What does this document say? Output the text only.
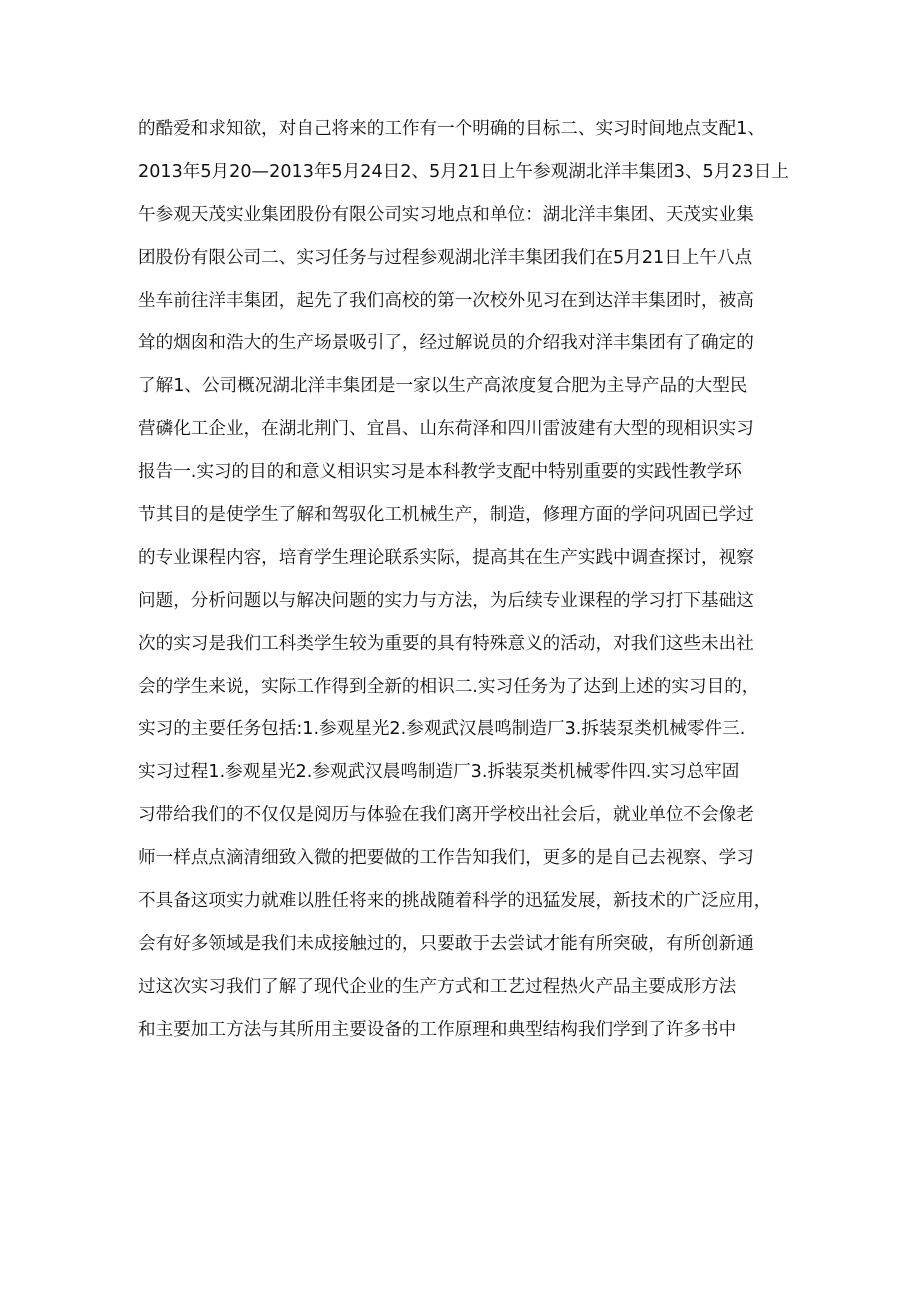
的酷爱和求知欲，对自己将来的工作有一个明确的目标二、实习时间地点支配1、
2013年5月20—2013年5月24日2、5月21日上午参观湖北洋丰集团3、5月23日上
午参观天茂实业集团股份有限公司实习地点和单位：湖北洋丰集团、天茂实业集
团股份有限公司二、实习任务与过程参观湖北洋丰集团我们在5月21日上午八点
坐车前往洋丰集团，起先了我们高校的第一次校外见习在到达洋丰集团时，被高
耸的烟囱和浩大的生产场景吸引了，经过解说员的介绍我对洋丰集团有了确定的
了解1、公司概况湖北洋丰集团是一家以生产高浓度复合肥为主导产品的大型民
营磷化工企业，在湖北荆门、宜昌、山东荷泽和四川雷波建有大型的现相识实习
报告一.实习的目的和意义相识实习是本科教学支配中特别重要的实践性教学环
节其目的是使学生了解和驾驭化工机械生产，制造，修理方面的学问巩固已学过
的专业课程内容，培育学生理论联系实际，提高其在生产实践中调查探讨，视察
问题，分析问题以与解决问题的实力与方法，为后续专业课程的学习打下基础这
次的实习是我们工科类学生较为重要的具有特殊意义的活动，对我们这些未出社
会的学生来说，实际工作得到全新的相识二.实习任务为了达到上述的实习目的，
实习的主要任务包括:1.参观星光2.参观武汉晨鸣制造厂3.拆装泵类机械零件三.
实习过程1.参观星光2.参观武汉晨鸣制造厂3.拆装泵类机械零件四.实习总牢固
习带给我们的不仅仅是阅历与体验在我们离开学校出社会后，就业单位不会像老
师一样点点滴清细致入微的把要做的工作告知我们，更多的是自己去视察、学习
不具备这项实力就难以胜任将来的挑战随着科学的迅猛发展，新技术的广泛应用，
会有好多领域是我们未成接触过的，只要敢于去尝试才能有所突破，有所创新通
过这次实习我们了解了现代企业的生产方式和工艺过程热火产品主要成形方法
和主要加工方法与其所用主要设备的工作原理和典型结构我们学到了许多书中
